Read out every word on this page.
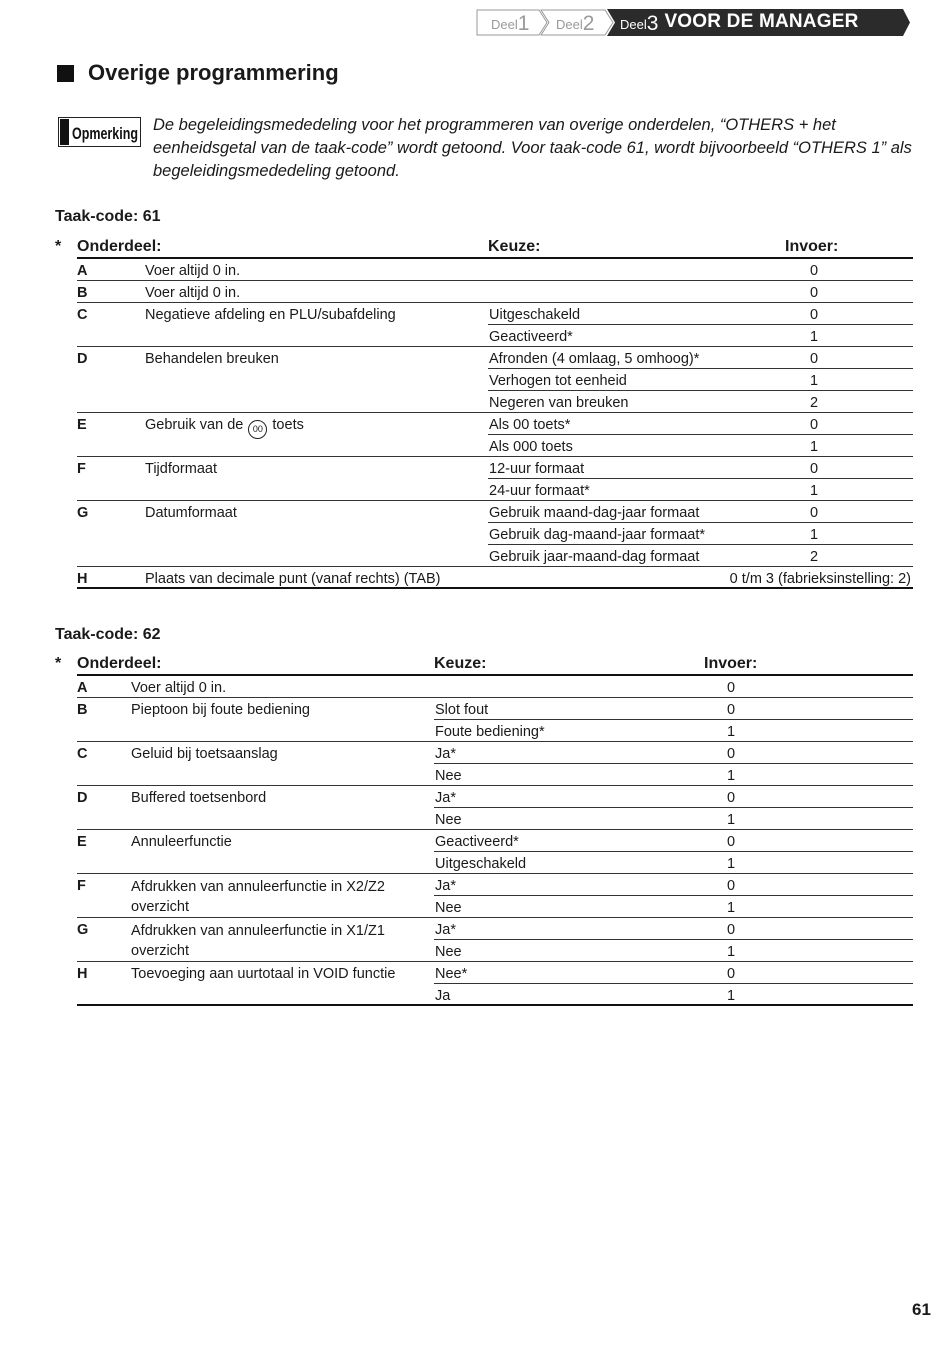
Deel 1 Deel 2 Deel 3 VOOR DE MANAGER
Overige programmering
Opmerking De begeleidingsmededeling voor het programmeren van overige onderdelen, “OTHERS + het eenheidsgetal van de taak-code” wordt getoond. Voor taak-code 61, wordt bijvoorbeeld “OTHERS 1” als begeleidingsmededeling getoond.

Taak-code: 61

* Onderdeel:	Keuze:	Invoer:
A	Voer altijd 0 in.	0
B	Voer altijd 0 in.	0
C	Negatieve afdeling en PLU/subafdeling	Uitgeschakeld	0
Geactiveerd*	1
D	Behandelen breuken	Afronden (4 omlaag, 5 omhoog)*	0
Verhogen tot eenheid	1
Negeren van breuken	2
E	Gebruik van de 00 toets	Als 00 toets*	0
Als 000 toets	1
F	Tijdformaat	12-uur formaat	0
24-uur formaat*	1
G	Datumformaat	Gebruik maand-dag-jaar formaat	0
Gebruik dag-maand-jaar formaat*	1
Gebruik jaar-maand-dag formaat	2
H	Plaats van decimale punt (vanaf rechts) (TAB)	0 t/m 3 (fabrieksinstelling: 2)

Taak-code: 62

* Onderdeel:	Keuze:	Invoer:
A	Voer altijd 0 in.	0
B	Pieptoon bij foute bediening	Slot fout	0
Foute bediening*	1
C	Geluid bij toetsaanslag	Ja*	0
Nee	1
D	Buffered toetsenbord	Ja*	0
Nee	1
E	Annuleerfunctie	Geactiveerd*	0
Uitgeschakeld	1
F	Afdrukken van annuleerfunctie in X2/Z2
overzicht
Ja*	0
Nee	1
G	Afdrukken van annuleerfunctie in X1/Z1
overzicht
Ja*	0
Nee	1
H	Toevoeging aan uurtotaal in VOID functie	Nee*	0
Ja	1
61
